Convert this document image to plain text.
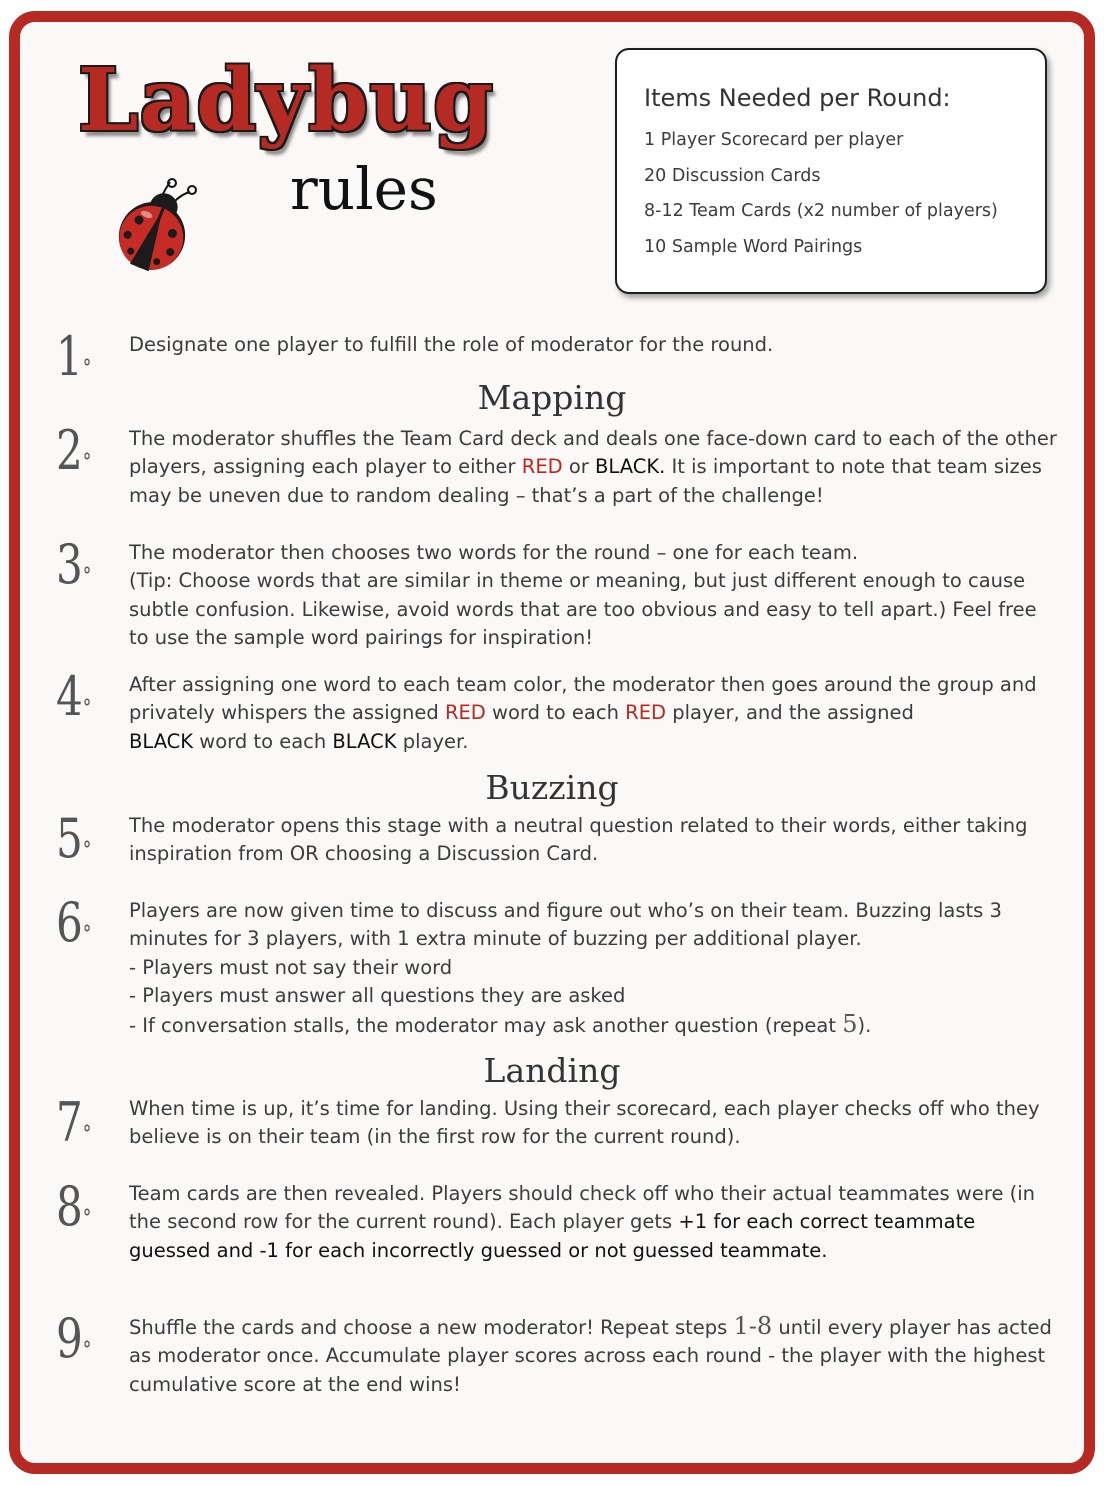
Ladybug
rules
Items Needed per Round:
1 Player Scorecard per player
20 Discussion Cards
8-12 Team Cards (x2 number of players)
10 Sample Word Pairings
1°
Designate one player to fulfill the role of moderator for the round.
Mapping
2°
The moderator shuffles the Team Card deck and deals one face-down card to each of the other players, assigning each player to either RED or BLACK. It is important to note that team sizes may be uneven due to random dealing – that’s a part of the challenge!
3°
The moderator then chooses two words for the round – one for each team.
(Tip: Choose words that are similar in theme or meaning, but just different enough to cause subtle confusion. Likewise, avoid words that are too obvious and easy to tell apart.) Feel free to use the sample word pairings for inspiration!
4°
After assigning one word to each team color, the moderator then goes around the group and privately whispers the assigned RED word to each RED player, and the assigned
BLACK word to each BLACK player.
Buzzing
5°
The moderator opens this stage with a neutral question related to their words, either taking inspiration from OR choosing a Discussion Card.
6°
Players are now given time to discuss and figure out who’s on their team. Buzzing lasts 3 minutes for 3 players, with 1 extra minute of buzzing per additional player.
- Players must not say their word
- Players must answer all questions they are asked
- If conversation stalls, the moderator may ask another question (repeat 5).
Landing
7°
When time is up, it’s time for landing. Using their scorecard, each player checks off who they believe is on their team (in the first row for the current round).
8°
Team cards are then revealed. Players should check off who their actual teammates were (in the second row for the current round). Each player gets +1 for each correct teammate guessed and -1 for each incorrectly guessed or not guessed teammate.
9°
Shuffle the cards and choose a new moderator! Repeat steps 1-8 until every player has acted as moderator once. Accumulate player scores across each round - the player with the highest cumulative score at the end wins!
